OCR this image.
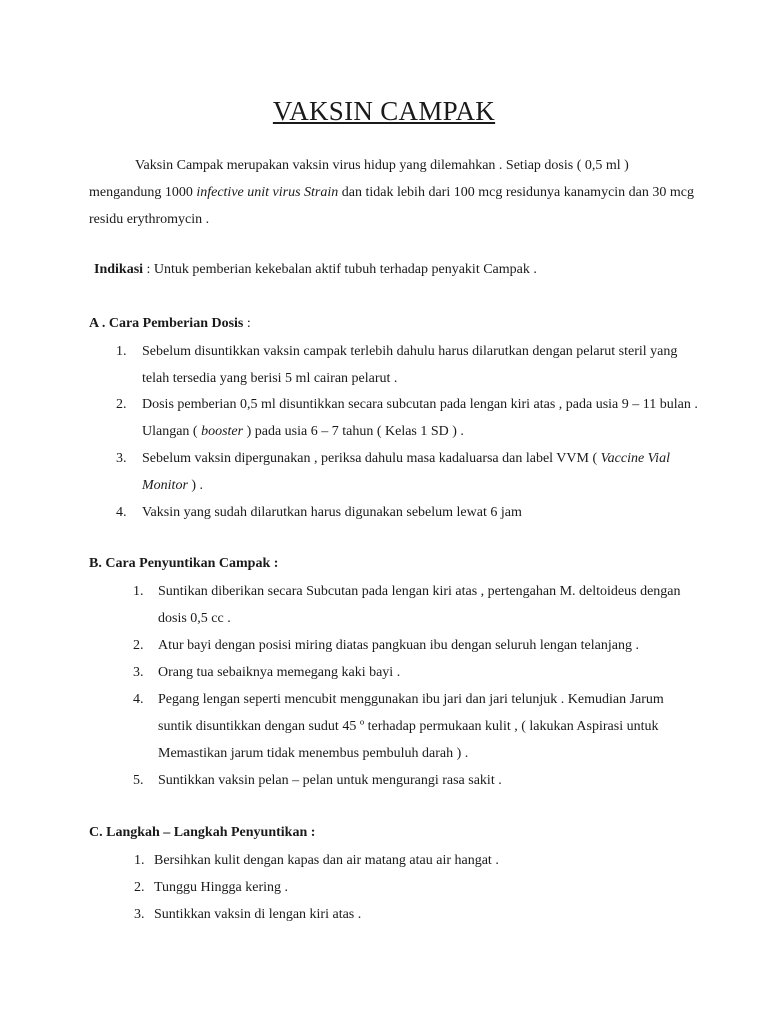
VAKSIN CAMPAK

Vaksin Campak merupakan vaksin virus hidup yang dilemahkan . Setiap dosis ( 0,5 ml ) mengandung 1000 infective unit virus Strain dan tidak lebih dari 100 mcg residunya kanamycin dan 30 mcg residu erythromycin .

Indikasi : Untuk pemberian kekebalan aktif tubuh terhadap penyakit Campak .

A . Cara Pemberian Dosis :

1. Sebelum disuntikkan vaksin campak terlebih dahulu harus dilarutkan dengan pelarut steril yang telah tersedia yang berisi 5 ml cairan pelarut .
2. Dosis pemberian 0,5 ml disuntikkan secara subcutan pada lengan kiri atas , pada usia 9 – 11 bulan . Ulangan ( booster ) pada usia 6 – 7 tahun ( Kelas 1 SD ) .
3. Sebelum vaksin dipergunakan , periksa dahulu masa kadaluarsa dan label VVM ( Vaccine Vial Monitor ) .
4. Vaksin yang sudah dilarutkan harus digunakan sebelum lewat 6 jam

B. Cara Penyuntikan Campak :

1. Suntikan diberikan secara Subcutan pada lengan kiri atas , pertengahan M. deltoideus dengan dosis 0,5 cc .
2. Atur bayi dengan posisi miring diatas pangkuan ibu dengan seluruh lengan telanjang .
3. Orang tua sebaiknya memegang kaki bayi .
4. Pegang lengan seperti mencubit menggunakan ibu jari dan jari telunjuk . Kemudian Jarum suntik disuntikkan dengan sudut 45 º terhadap permukaan kulit , ( lakukan Aspirasi untuk Memastikan jarum tidak menembus pembuluh darah ) .
5. Suntikkan vaksin pelan – pelan untuk mengurangi rasa sakit .

C. Langkah – Langkah Penyuntikan :

1. Bersihkan kulit dengan kapas dan air matang atau air hangat .
2. Tunggu Hingga kering .
3. Suntikkan vaksin di lengan kiri atas .
